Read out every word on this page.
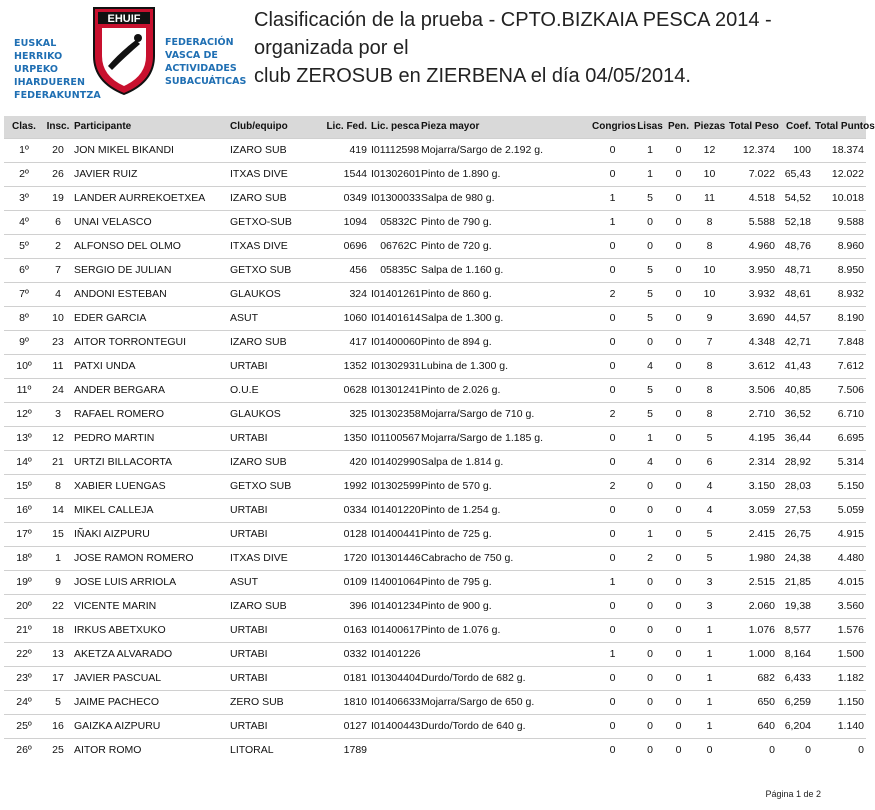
EUSKAL HERRIKO
URPEKO
IHARDUEREN
FEDERAKUNTZA
EHUIF
FEDERACIÓN
VASCA DE
ACTIVIDADES
SUBACUÁTICAS
Clasificación de la prueba - CPTO.BIZKAIA PESCA 2014 - organizada por el
club ZEROSUB en ZIERBENA el día 04/05/2014.
Clas.	Insc.	Participante	Club/equipo	Lic. Fed.	Lic. pesca	Pieza mayor	Congrios	Lisas	Pen.	Piezas	Total Peso	Coef.	Total Puntos
1º	20	JON MIKEL BIKANDI	IZARO SUB	419	I01112598	Mojarra/Sargo de 2.192 g.	0	1	0	12	12.374	100	18.374
2º	26	JAVIER RUIZ	ITXAS DIVE	1544	I01302601	Pinto de 1.890 g.	0	1	0	10	7.022	65,43	12.022
3º	19	LANDER AURREKOETXEA	IZARO SUB	0349	I01300033	Salpa de 980 g.	1	5	0	11	4.518	54,52	10.018
4º	6	UNAI VELASCO	GETXO-SUB	1094	05832C	Pinto de 790 g.	1	0	0	8	5.588	52,18	9.588
5º	2	ALFONSO DEL OLMO	ITXAS DIVE	0696	06762C	Pinto de 720 g.	0	0	0	8	4.960	48,76	8.960
6º	7	SERGIO DE JULIAN	GETXO SUB	456	05835C	Salpa de 1.160 g.	0	5	0	10	3.950	48,71	8.950
7º	4	ANDONI ESTEBAN	GLAUKOS	324	I01401261	Pinto de 860 g.	2	5	0	10	3.932	48,61	8.932
8º	10	EDER GARCIA	ASUT	1060	I01401614	Salpa de 1.300 g.	0	5	0	9	3.690	44,57	8.190
9º	23	AITOR TORRONTEGUI	IZARO SUB	417	I01400060	Pinto de 894 g.	0	0	0	7	4.348	42,71	7.848
10º	11	PATXI UNDA	URTABI	1352	I01302931	Lubina de 1.300 g.	0	4	0	8	3.612	41,43	7.612
11º	24	ANDER BERGARA	O.U.E	0628	I01301241	Pinto de 2.026 g.	0	5	0	8	3.506	40,85	7.506
12º	3	RAFAEL ROMERO	GLAUKOS	325	I01302358	Mojarra/Sargo de 710 g.	2	5	0	8	2.710	36,52	6.710
13º	12	PEDRO MARTIN	URTABI	1350	I01100567	Mojarra/Sargo de 1.185 g.	0	1	0	5	4.195	36,44	6.695
14º	21	URTZI BILLACORTA	IZARO SUB	420	I01402990	Salpa de 1.814 g.	0	4	0	6	2.314	28,92	5.314
15º	8	XABIER LUENGAS	GETXO SUB	1992	I01302599	Pinto de 570 g.	2	0	0	4	3.150	28,03	5.150
16º	14	MIKEL CALLEJA	URTABI	0334	I01401220	Pinto de 1.254 g.	0	0	0	4	3.059	27,53	5.059
17º	15	IÑAKI AIZPURU	URTABI	0128	I01400441	Pinto de 725 g.	0	1	0	5	2.415	26,75	4.915
18º	1	JOSE RAMON ROMERO	ITXAS DIVE	1720	I01301446	Cabracho de 750 g.	0	2	0	5	1.980	24,38	4.480
19º	9	JOSE LUIS ARRIOLA	ASUT	0109	I14001064	Pinto de 795 g.	1	0	0	3	2.515	21,85	4.015
20º	22	VICENTE MARIN	IZARO SUB	396	I01401234	Pinto de 900 g.	0	0	0	3	2.060	19,38	3.560
21º	18	IRKUS ABETXUKO	URTABI	0163	I01400617	Pinto de 1.076 g.	0	0	0	1	1.076	8,577	1.576
22º	13	AKETZA ALVARADO	URTABI	0332	I01401226		1	0	0	1	1.000	8,164	1.500
23º	17	JAVIER PASCUAL	URTABI	0181	I01304404	Durdo/Tordo de 682 g.	0	0	0	1	682	6,433	1.182
24º	5	JAIME PACHECO	ZERO SUB	1810	I01406633	Mojarra/Sargo de 650 g.	0	0	0	1	650	6,259	1.150
25º	16	GAIZKA AIZPURU	URTABI	0127	I01400443	Durdo/Tordo de 640 g.	0	0	0	1	640	6,204	1.140
26º	25	AITOR ROMO	LITORAL	1789			0	0	0	0	0	0	0
Página 1 de 2
